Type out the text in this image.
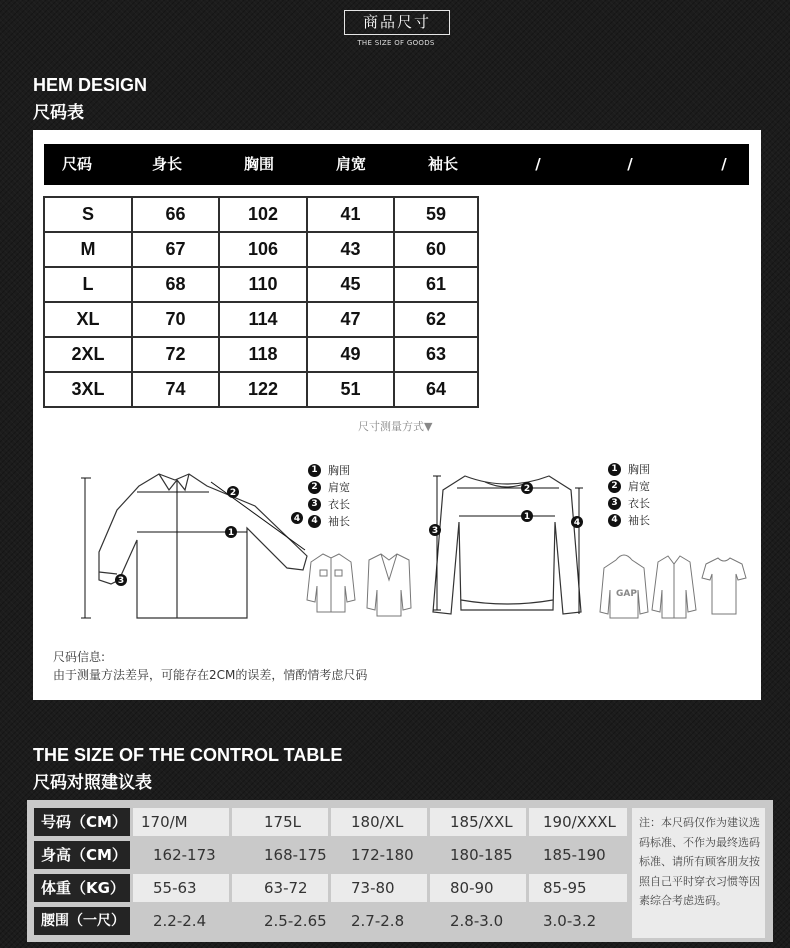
商品尺寸
THE SIZE OF GOODS
HEM DESIGN
尺码表
尺码	身长	胸围	肩宽	袖长	/	/	/
S	66	102	41	59
M	67	106	43	60
L	68	110	45	61
XL	70	114	47	62
2XL	72	118	49	63
3XL	74	122	51	64
尺寸测量方式▼
1
2
3
4
1 胸围
2 肩宽
3 衣长
4 袖长	1
2
3
4
1 胸围
2 肩宽
3 衣长
4 袖长
GAP
尺码信息:
由于测量方法差异，可能存在2CM的误差，情酌情考虑尺码
THE SIZE OF THE CONTROL TABLE
尺码对照建议表
号码（CM） 170/M	175L	180/XL	185/XXL	190/XXXL
身高（CM）	162-173	168-175	172-180	180-185	185-190
体重（KG）	55-63	63-72	73-80	80-90	85-95
腰围（一尺）	2.2-2.4	2.5-2.65	2.7-2.8	2.8-3.0	3.0-3.2
注：本尺码仅作为建议选码标准、不作为最终选码标准、请所有顾客朋友按照自己平时穿衣习惯等因素综合考虑选码。
